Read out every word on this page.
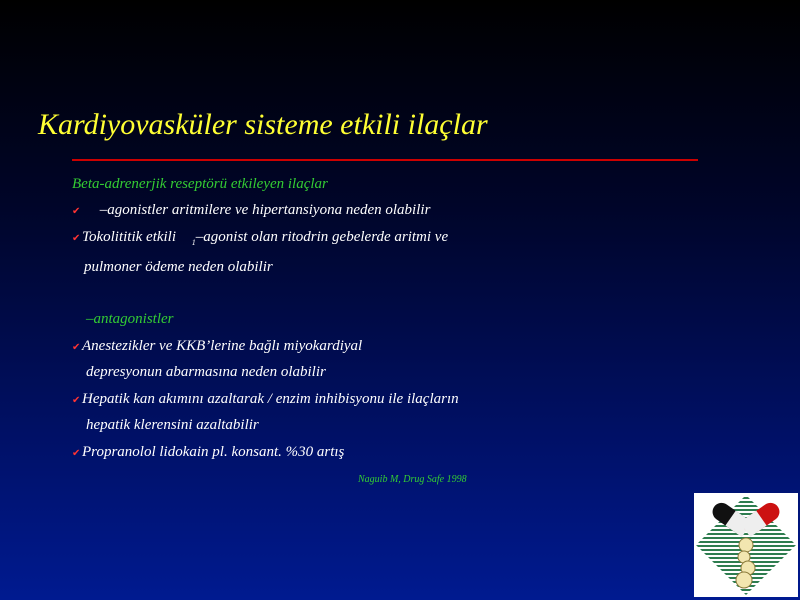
Kardiyovasküler sisteme etkili ilaçlar
Beta-adrenerjik reseptörü etkileyen ilaçlar
✔ –agonistler aritmilere ve hipertansiyona neden olabilir
✔ Tokolititik etkili $_1$–agonist olan ritodrin gebelerde aritmi ve
pulmoner ödeme neden olabilir
–antagonistler
✔ Anestezikler ve KKB’lerine bağlı miyokardiyal
depresyonun abarmasına neden olabilir
✔ Hepatik kan akımını azaltarak / enzim inhibisyonu ile ilaçların
hepatik klerensini azaltabilir
✔ Propranolol lidokain pl. konsant. %30 artış
Naguib M, Drug Safe 1998
